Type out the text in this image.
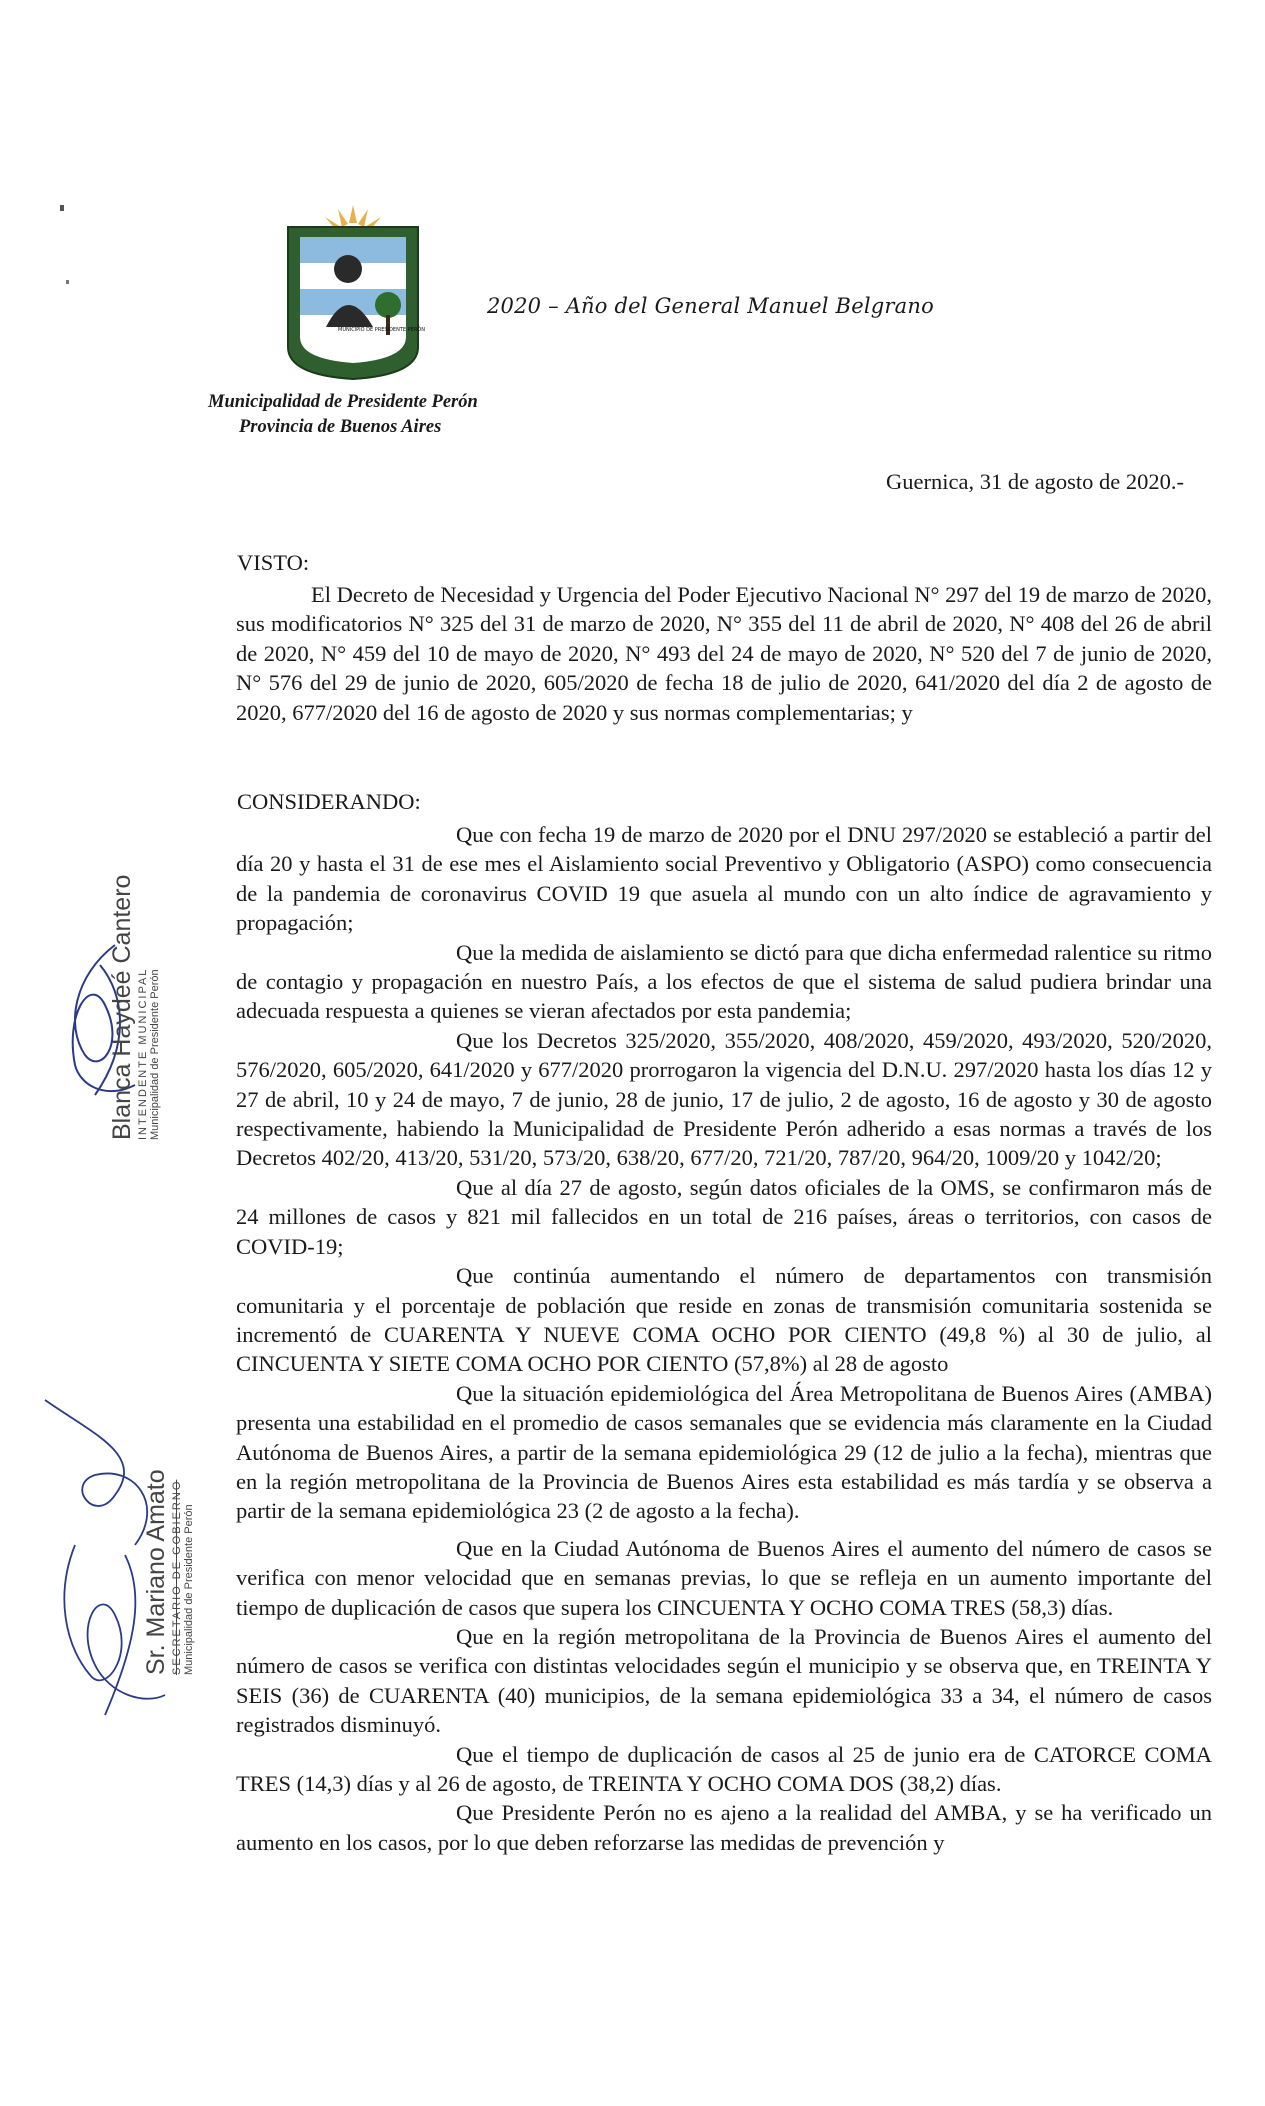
MUNICIPIO DE PRESIDENTE PERÓN
2020 – Año del General Manuel Belgrano
Municipalidad de Presidente Perón
Provincia de Buenos Aires
Guernica, 31 de agosto de 2020.-
VISTO:

El Decreto de Necesidad y Urgencia del Poder Ejecutivo Nacional N° 297 del 19 de marzo de 2020, sus modificatorios N° 325 del 31 de marzo de 2020, N° 355 del 11 de abril de 2020, N° 408 del 26 de abril de 2020, N° 459 del 10 de mayo de 2020, N° 493 del 24 de mayo de 2020, N° 520 del 7 de junio de 2020, N° 576 del 29 de junio de 2020, 605/2020 de fecha 18 de julio de 2020, 641/2020 del día 2 de agosto de 2020, 677/2020 del 16 de agosto de 2020 y sus normas complementarias; y

CONSIDERANDO:

Que con fecha 19 de marzo de 2020 por el DNU 297/2020 se estableció a partir del día 20 y hasta el 31 de ese mes el Aislamiento social Preventivo y Obligatorio (ASPO) como consecuencia de la pandemia de coronavirus COVID 19 que asuela al mundo con un alto índice de agravamiento y propagación;

Que la medida de aislamiento se dictó para que dicha enfermedad ralentice su ritmo de contagio y propagación en nuestro País, a los efectos de que el sistema de salud pudiera brindar una adecuada respuesta a quienes se vieran afectados por esta pandemia;

Que los Decretos 325/2020, 355/2020, 408/2020, 459/2020, 493/2020, 520/2020, 576/2020, 605/2020, 641/2020 y 677/2020 prorrogaron la vigencia del D.N.U. 297/2020 hasta los días 12 y 27 de abril, 10 y 24 de mayo, 7 de junio, 28 de junio, 17 de julio, 2 de agosto, 16 de agosto y 30 de agosto respectivamente, habiendo la Municipalidad de Presidente Perón adherido a esas normas a través de los Decretos 402/20, 413/20, 531/20, 573/20, 638/20, 677/20, 721/20, 787/20, 964/20, 1009/20 y 1042/20;

Que al día 27 de agosto, según datos oficiales de la OMS, se confirmaron más de 24 millones de casos y 821 mil fallecidos en un total de 216 países, áreas o territorios, con casos de COVID-19;

Que continúa aumentando el número de departamentos con transmisión comunitaria y el porcentaje de población que reside en zonas de transmisión comunitaria sostenida se incrementó de CUARENTA Y NUEVE COMA OCHO POR CIENTO (49,8 %) al 30 de julio, al CINCUENTA Y SIETE COMA OCHO POR CIENTO (57,8%) al 28 de agosto

Que la situación epidemiológica del Área Metropolitana de Buenos Aires (AMBA) presenta una estabilidad en el promedio de casos semanales que se evidencia más claramente en la Ciudad Autónoma de Buenos Aires, a partir de la semana epidemiológica 29 (12 de julio a la fecha), mientras que en la región metropolitana de la Provincia de Buenos Aires esta estabilidad es más tardía y se observa a partir de la semana epidemiológica 23 (2 de agosto a la fecha).

Que en la Ciudad Autónoma de Buenos Aires el aumento del número de casos se verifica con menor velocidad que en semanas previas, lo que se refleja en un aumento importante del tiempo de duplicación de casos que supera los CINCUENTA Y OCHO COMA TRES (58,3) días.

Que en la región metropolitana de la Provincia de Buenos Aires el aumento del número de casos se verifica con distintas velocidades según el municipio y se observa que, en TREINTA Y SEIS (36) de CUARENTA (40) municipios, de la semana epidemiológica 33 a 34, el número de casos registrados disminuyó.

Que el tiempo de duplicación de casos al 25 de junio era de CATORCE COMA TRES (14,3) días y al 26 de agosto, de TREINTA Y OCHO COMA DOS (38,2) días.

Que Presidente Perón no es ajeno a la realidad del AMBA, y se ha verificado un aumento en los casos, por lo que deben reforzarse las medidas de prevención y

Blanca Haydeé Cantero INTENDENTE MUNICIPAL Municipalidad de Presidente Perón
Sr. Mariano Amato SECRETARIO DE GOBIERNO Municipalidad de Presidente Perón
